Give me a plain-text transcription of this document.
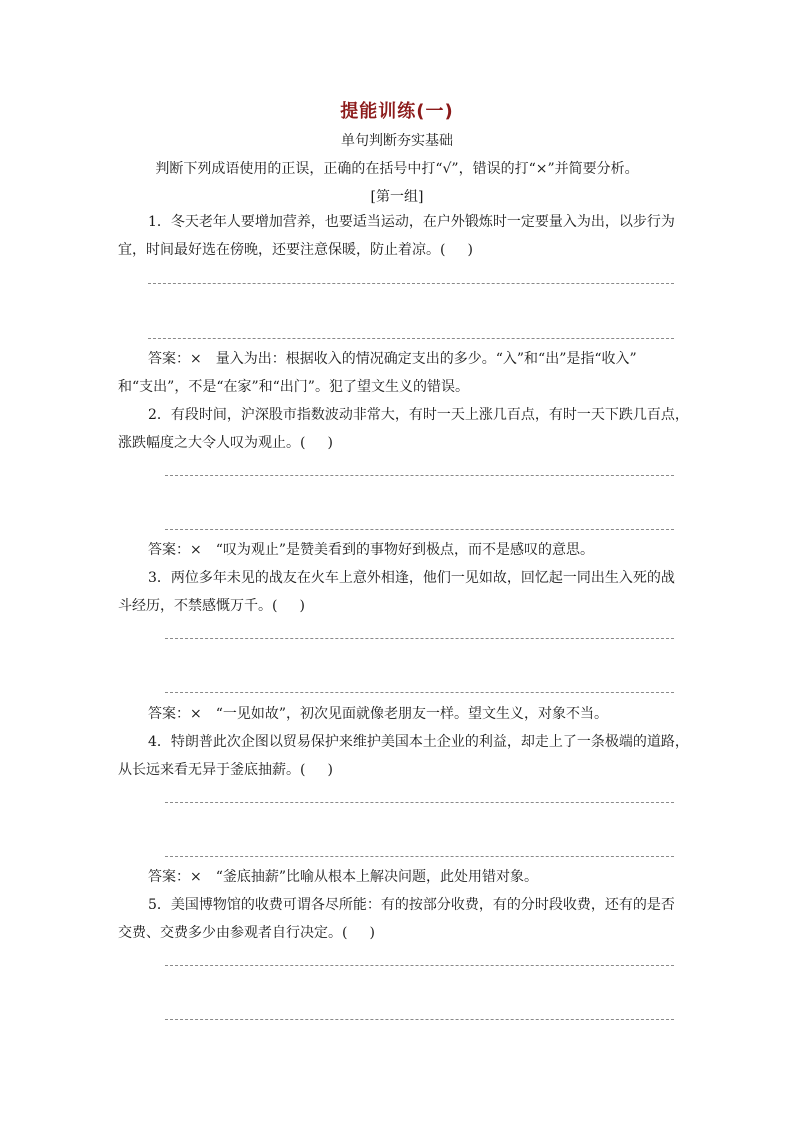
提能训练(一)
单句判断夯实基础
判断下列成语使用的正误，正确的在括号中打“√”，错误的打“×”并简要分析。
[第一组]
1．冬天老年人要增加营养，也要适当运动，在户外锻炼时一定要量入为出，以步行为
宜，时间最好选在傍晚，还要注意保暖，防止着凉。( )
答案：×　量入为出：根据收入的情况确定支出的多少。“入”和“出”是指“收入”
和“支出”，不是“在家”和“出门”。犯了望文生义的错误。
2．有段时间，沪深股市指数波动非常大，有时一天上涨几百点，有时一天下跌几百点，
涨跌幅度之大令人叹为观止。( )
答案：×　“叹为观止”是赞美看到的事物好到极点，而不是感叹的意思。
3．两位多年未见的战友在火车上意外相逢，他们一见如故，回忆起一同出生入死的战
斗经历，不禁感慨万千。( )
答案：×　“一见如故”，初次见面就像老朋友一样。望文生义，对象不当。
4．特朗普此次企图以贸易保护来维护美国本土企业的利益，却走上了一条极端的道路，
从长远来看无异于釜底抽薪。( )
答案：×　“釜底抽薪”比喻从根本上解决问题，此处用错对象。
5．美国博物馆的收费可谓各尽所能：有的按部分收费，有的分时段收费，还有的是否
交费、交费多少由参观者自行决定。( )
